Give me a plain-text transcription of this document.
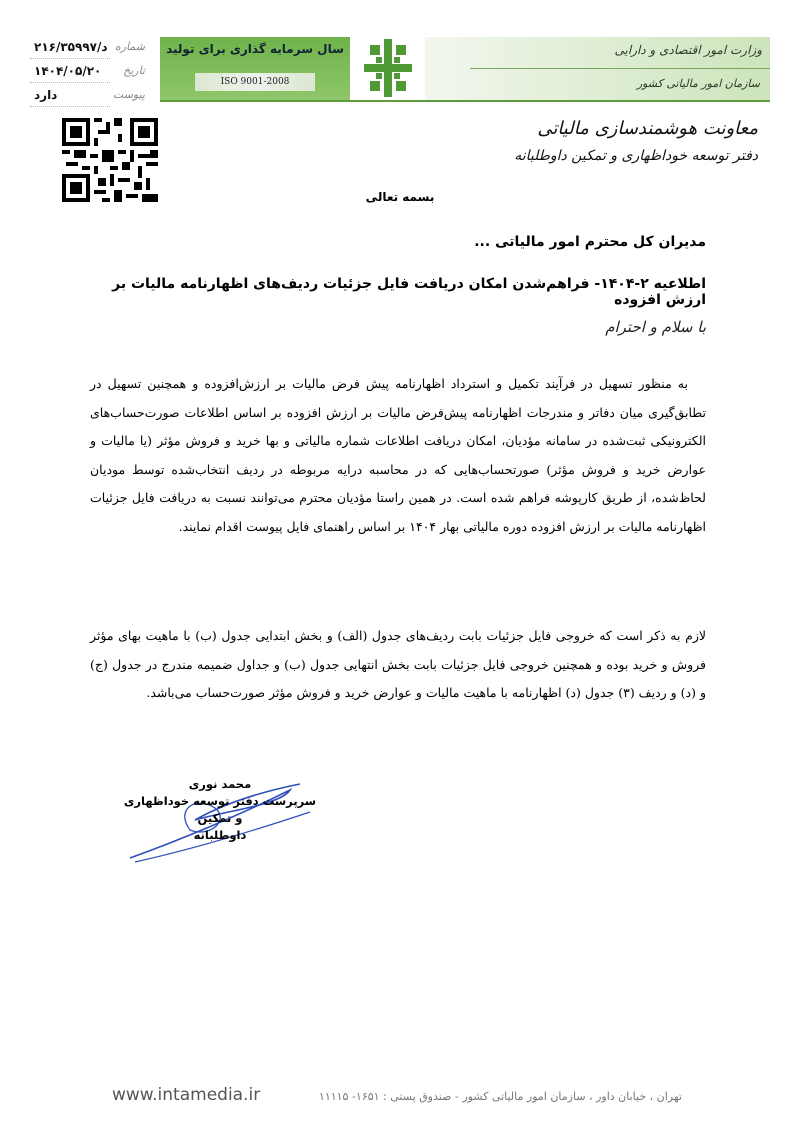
سال سرمایه گذاری برای تولید
ISO 9001-2008
وزارت امور اقتصادی و دارایی
سازمان امور مالیاتی کشور
شماره
د/۲۱۶/۳۵۹۹۷
تاریخ
۱۴۰۴/۰۵/۲۰
پیوست
دارد
معاونت هوشمندسازی مالیاتی
دفتر توسعه خوداظهاری و تمکین داوطلبانه
بسمه تعالی
مدیران کل محترم امور مالیاتی ...
اطلاعیه ۲-۱۴۰۴- فراهم‌شدن امکان دریافت فایل جزئیات ردیف‌های اظهارنامه مالیات بر ارزش افزوده
با سلام و احترام

به منظور تسهیل در فرآیند تکمیل و استرداد اظهارنامه پیش فرض مالیات بر ارزش‌افزوده و همچنین تسهیل در تطابق‌گیری میان دفاتر و مندرجات اظهارنامه پیش‌فرض مالیات بر ارزش افزوده بر اساس اطلاعات صورت‌حساب‌های الکترونیکی ثبت‌شده در سامانه مؤدیان، امکان دریافت اطلاعات شماره مالیاتی و بها خرید و فروش مؤثر (یا مالیات و عوارض خرید و فروش مؤثر) صورتحساب‌هایی که در محاسبه درایه مربوطه در ردیف انتخاب‌شده توسط مودیان لحاظ‌شده، از طریق کارپوشه فراهم شده است. در همین راستا مؤدیان محترم می‌توانند نسبت به دریافت فایل جزئیات اظهارنامه مالیات بر ارزش افزوده دوره مالیاتی بهار ۱۴۰۴ بر اساس راهنمای فایل پیوست اقدام نمایند.

لازم به ذکر است که خروجی فایل جزئیات بابت ردیف‌های جدول (الف) و بخش ابتدایی جدول (ب) با ماهیت بهای مؤثر فروش و خرید بوده و همچنین خروجی فایل جزئیات بابت بخش انتهایی جدول (ب) و جداول ضمیمه مندرج در جدول (ج) و (د) و ردیف (۳) جدول (د) اظهارنامه با ماهیت مالیات و عوارض خرید و فروش مؤثر صورت‌حساب می‌باشد.

محمد نوری
سرپرست دفتر توسعه خوداظهاری و تمکین
داوطلبانه
www.intamedia.ir	تهران ، خیابان داور ، سازمان امور مالیاتی کشور - صندوق پستی : ۱۶۵۱- ۱۱۱۱۵
